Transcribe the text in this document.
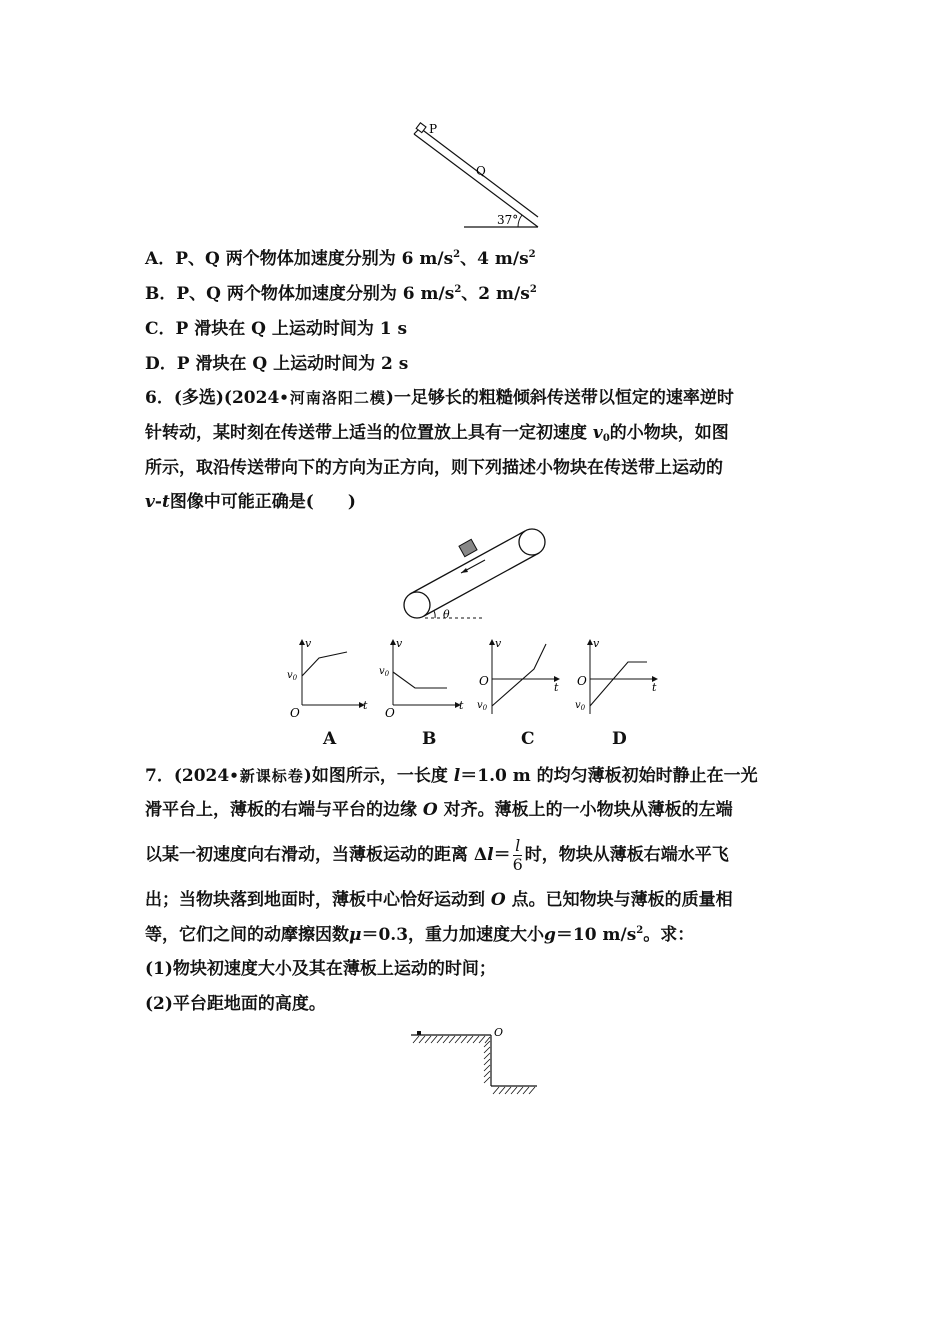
P
Q
37°
A．P、Q 两个物体加速度分别为 6 $m/s^2$、4 $m/s^2$
B．P、Q 两个物体加速度分别为 6 $m/s^2$、2 $m/s^2$
C．P 滑块在 Q 上运动时间为 1 s
D．P 滑块在 Q 上运动时间为 2 s
6．(多选)(2024•河南洛阳二模)一足够长的粗糙倾斜传送带以恒定的速率逆时
针转动，某时刻在传送带上适当的位置放上具有一定初速度 $v_0$的小物块，如图
所示，取沿传送带向下的方向为正方向，则下列描述小物块在传送带上运动的
v-t图像中可能正确是(　　)
θ
v
t
O
$v_0$
A
v
t
O
$v_0$
B
v
t
O
$v_0$
C
v
t
O
$v_0$
D
7．(2024•新课标卷)如图所示，一长度 l＝1.0 m 的均匀薄板初始时静止在一光
滑平台上，薄板的右端与平台的边缘 O 对齐。薄板上的一小物块从薄板的左端
以某一初速度向右滑动，当薄板运动的距离 $\Delta l= \frac{l}{6}$ 时，物块从薄板右端水平飞
出；当物块落到地面时，薄板中心恰好运动到 O 点。已知物块与薄板的质量相
等，它们之间的动摩擦因数μ＝0.3，重力加速度大小g＝10 $m/s^2$。求：
(1)物块初速度大小及其在薄板上运动的时间；
(2)平台距地面的高度。
O
